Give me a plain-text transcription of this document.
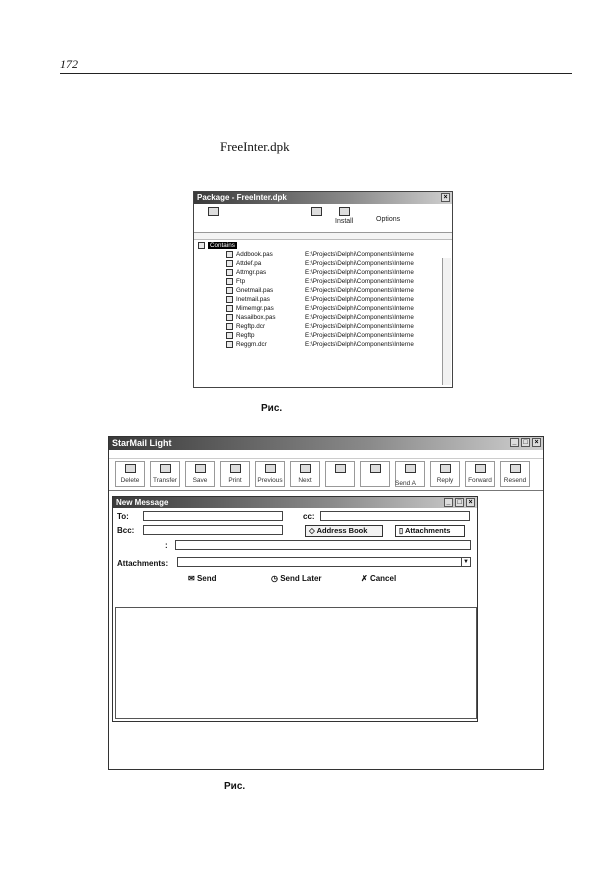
172
FreeInter.dpk
Package - FreeInter.dpk	×

Install	Options
Contains
Addbook.pas	E:\Projects\Delphi\Components\Interne
Attdef.pa	E:\Projects\Delphi\Components\Interne
Attmgr.pas	E:\Projects\Delphi\Components\Interne
Ftp	E:\Projects\Delphi\Components\Interne
Gnetmail.pas	E:\Projects\Delphi\Components\Interne
Inetmail.pas	E:\Projects\Delphi\Components\Interne
Mimemgr.pas	E:\Projects\Delphi\Components\Interne
Nasailbox.pas	E:\Projects\Delphi\Components\Interne
Regftp.dcr	E:\Projects\Delphi\Components\Interne
Regftp	E:\Projects\Delphi\Components\Interne
Reggm.dcr	E:\Projects\Delphi\Components\Interne
Рис.
StarMail Light	_ □ ×
Delete	Transfer	Save	Print	Previous	Next	Reply	Forward	Resend
Send A
New Message	_ □ ×
To:	cc:
Bcc:	◇ Address Book	▯ Attachments
:
Attachments:	▼
✉ Send	◷ Send Later	✗ Cancel
Рис.
